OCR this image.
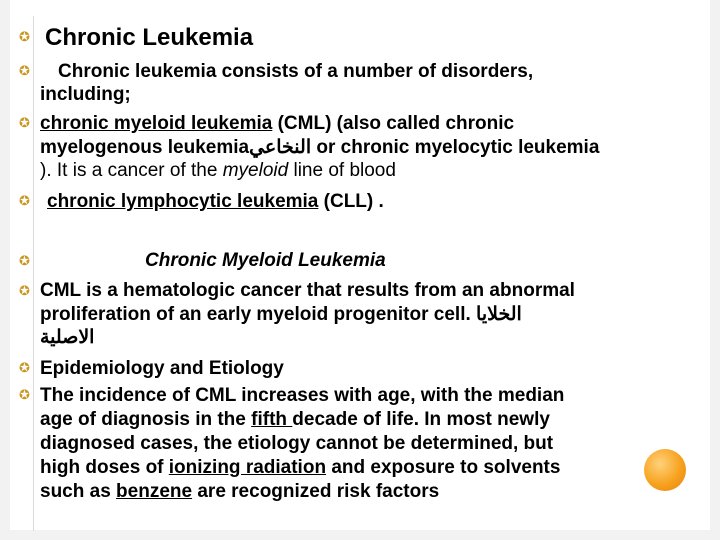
✪ Chronic Leukemia
✪ Chronic leukemia consists of a number of disorders,
including;
✪ chronic myeloid leukemia (CML) (also called chronic
myelogenous leukemiaالنخاعي or chronic myelocytic leukemia
). It is a cancer of the myeloid line of blood
✪ chronic lymphocytic leukemia (CLL) .
✪	Chronic Myeloid Leukemia
✪ CML is a hematologic cancer that results from an abnormal
proliferation of an early myeloid progenitor cell. الخلايا
الاصلية
✪ Epidemiology and Etiology
✪ The incidence of CML increases with age, with the median
age of diagnosis in the fifth decade of life. In most newly
diagnosed cases, the etiology cannot be determined, but
high doses of ionizing radiation and exposure to solvents
such as benzene are recognized risk factors
